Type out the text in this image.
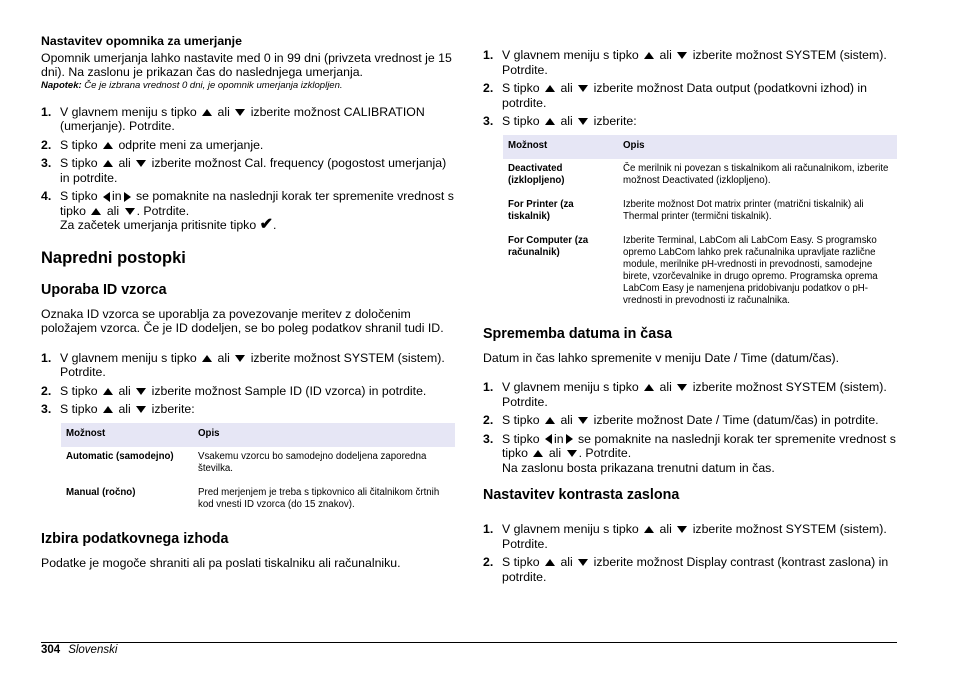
Nastavitev opomnika za umerjanje

Opomnik umerjanja lahko nastavite med 0 in 99 dni (privzeta vrednost je 15 dni). Na zaslonu je prikazan čas do naslednjega umerjanja.

Napotek: Če je izbrana vrednost 0 dni, je opomnik umerjanja izklopljen.

1. V glavnem meniju s tipko ali izberite možnost CALIBRATION (umerjanje). Potrdite.
2. S tipko odprite meni za umerjanje.
3. S tipko ali izberite možnost Cal. frequency (pogostost umerjanja) in potrdite.
4. S tipko in se pomaknite na naslednji korak ter spremenite vrednost s tipko ali . Potrdite.
Za začetek umerjanja pritisnite tipko ✔.

Napredni postopki

Uporaba ID vzorca

Oznaka ID vzorca se uporablja za povezovanje meritev z določenim položajem vzorca. Če je ID dodeljen, se bo poleg podatkov shranil tudi ID.

1. V glavnem meniju s tipko ali izberite možnost SYSTEM (sistem). Potrdite.
2. S tipko ali izberite možnost Sample ID (ID vzorca) in potrdite.
3. S tipko ali izberite:
Možnost	Opis
Automatic (samodejno)	Vsakemu vzorcu bo samodejno dodeljena zaporedna številka.
Manual (ročno)	Pred merjenjem je treba s tipkovnico ali čitalnikom črtnih kod vnesti ID vzorca (do 15 znakov).

Izbira podatkovnega izhoda

Podatke je mogoče shraniti ali pa poslati tiskalniku ali računalniku.

1. V glavnem meniju s tipko ali izberite možnost SYSTEM (sistem). Potrdite.
2. S tipko ali izberite možnost Data output (podatkovni izhod) in potrdite.
3. S tipko ali izberite:
Možnost	Opis
Deactivated (izklopljeno)	Če merilnik ni povezan s tiskalnikom ali računalnikom, izberite možnost Deactivated (izklopljeno).
For Printer (za tiskalnik)	Izberite možnost Dot matrix printer (matrični tiskalnik) ali Thermal printer (termični tiskalnik).
For Computer (za računalnik)	Izberite Terminal, LabCom ali LabCom Easy. S programsko opremo LabCom lahko prek računalnika upravljate različne module, merilnike pH-vrednosti in prevodnosti, samodejne birete, vzorčevalnike in drugo opremo. Programska oprema LabCom Easy je namenjena pridobivanju podatkov o pH-vrednosti in prevodnosti iz računalnika.

Sprememba datuma in časa

Datum in čas lahko spremenite v meniju Date / Time (datum/čas).

1. V glavnem meniju s tipko ali izberite možnost SYSTEM (sistem). Potrdite.
2. S tipko ali izberite možnost Date / Time (datum/čas) in potrdite.
3. S tipko in se pomaknite na naslednji korak ter spremenite vrednost s tipko ali . Potrdite.
Na zaslonu bosta prikazana trenutni datum in čas.

Nastavitev kontrasta zaslona

1. V glavnem meniju s tipko ali izberite možnost SYSTEM (sistem). Potrdite.
2. S tipko ali izberite možnost Display contrast (kontrast zaslona) in potrdite.
304 Slovenski
